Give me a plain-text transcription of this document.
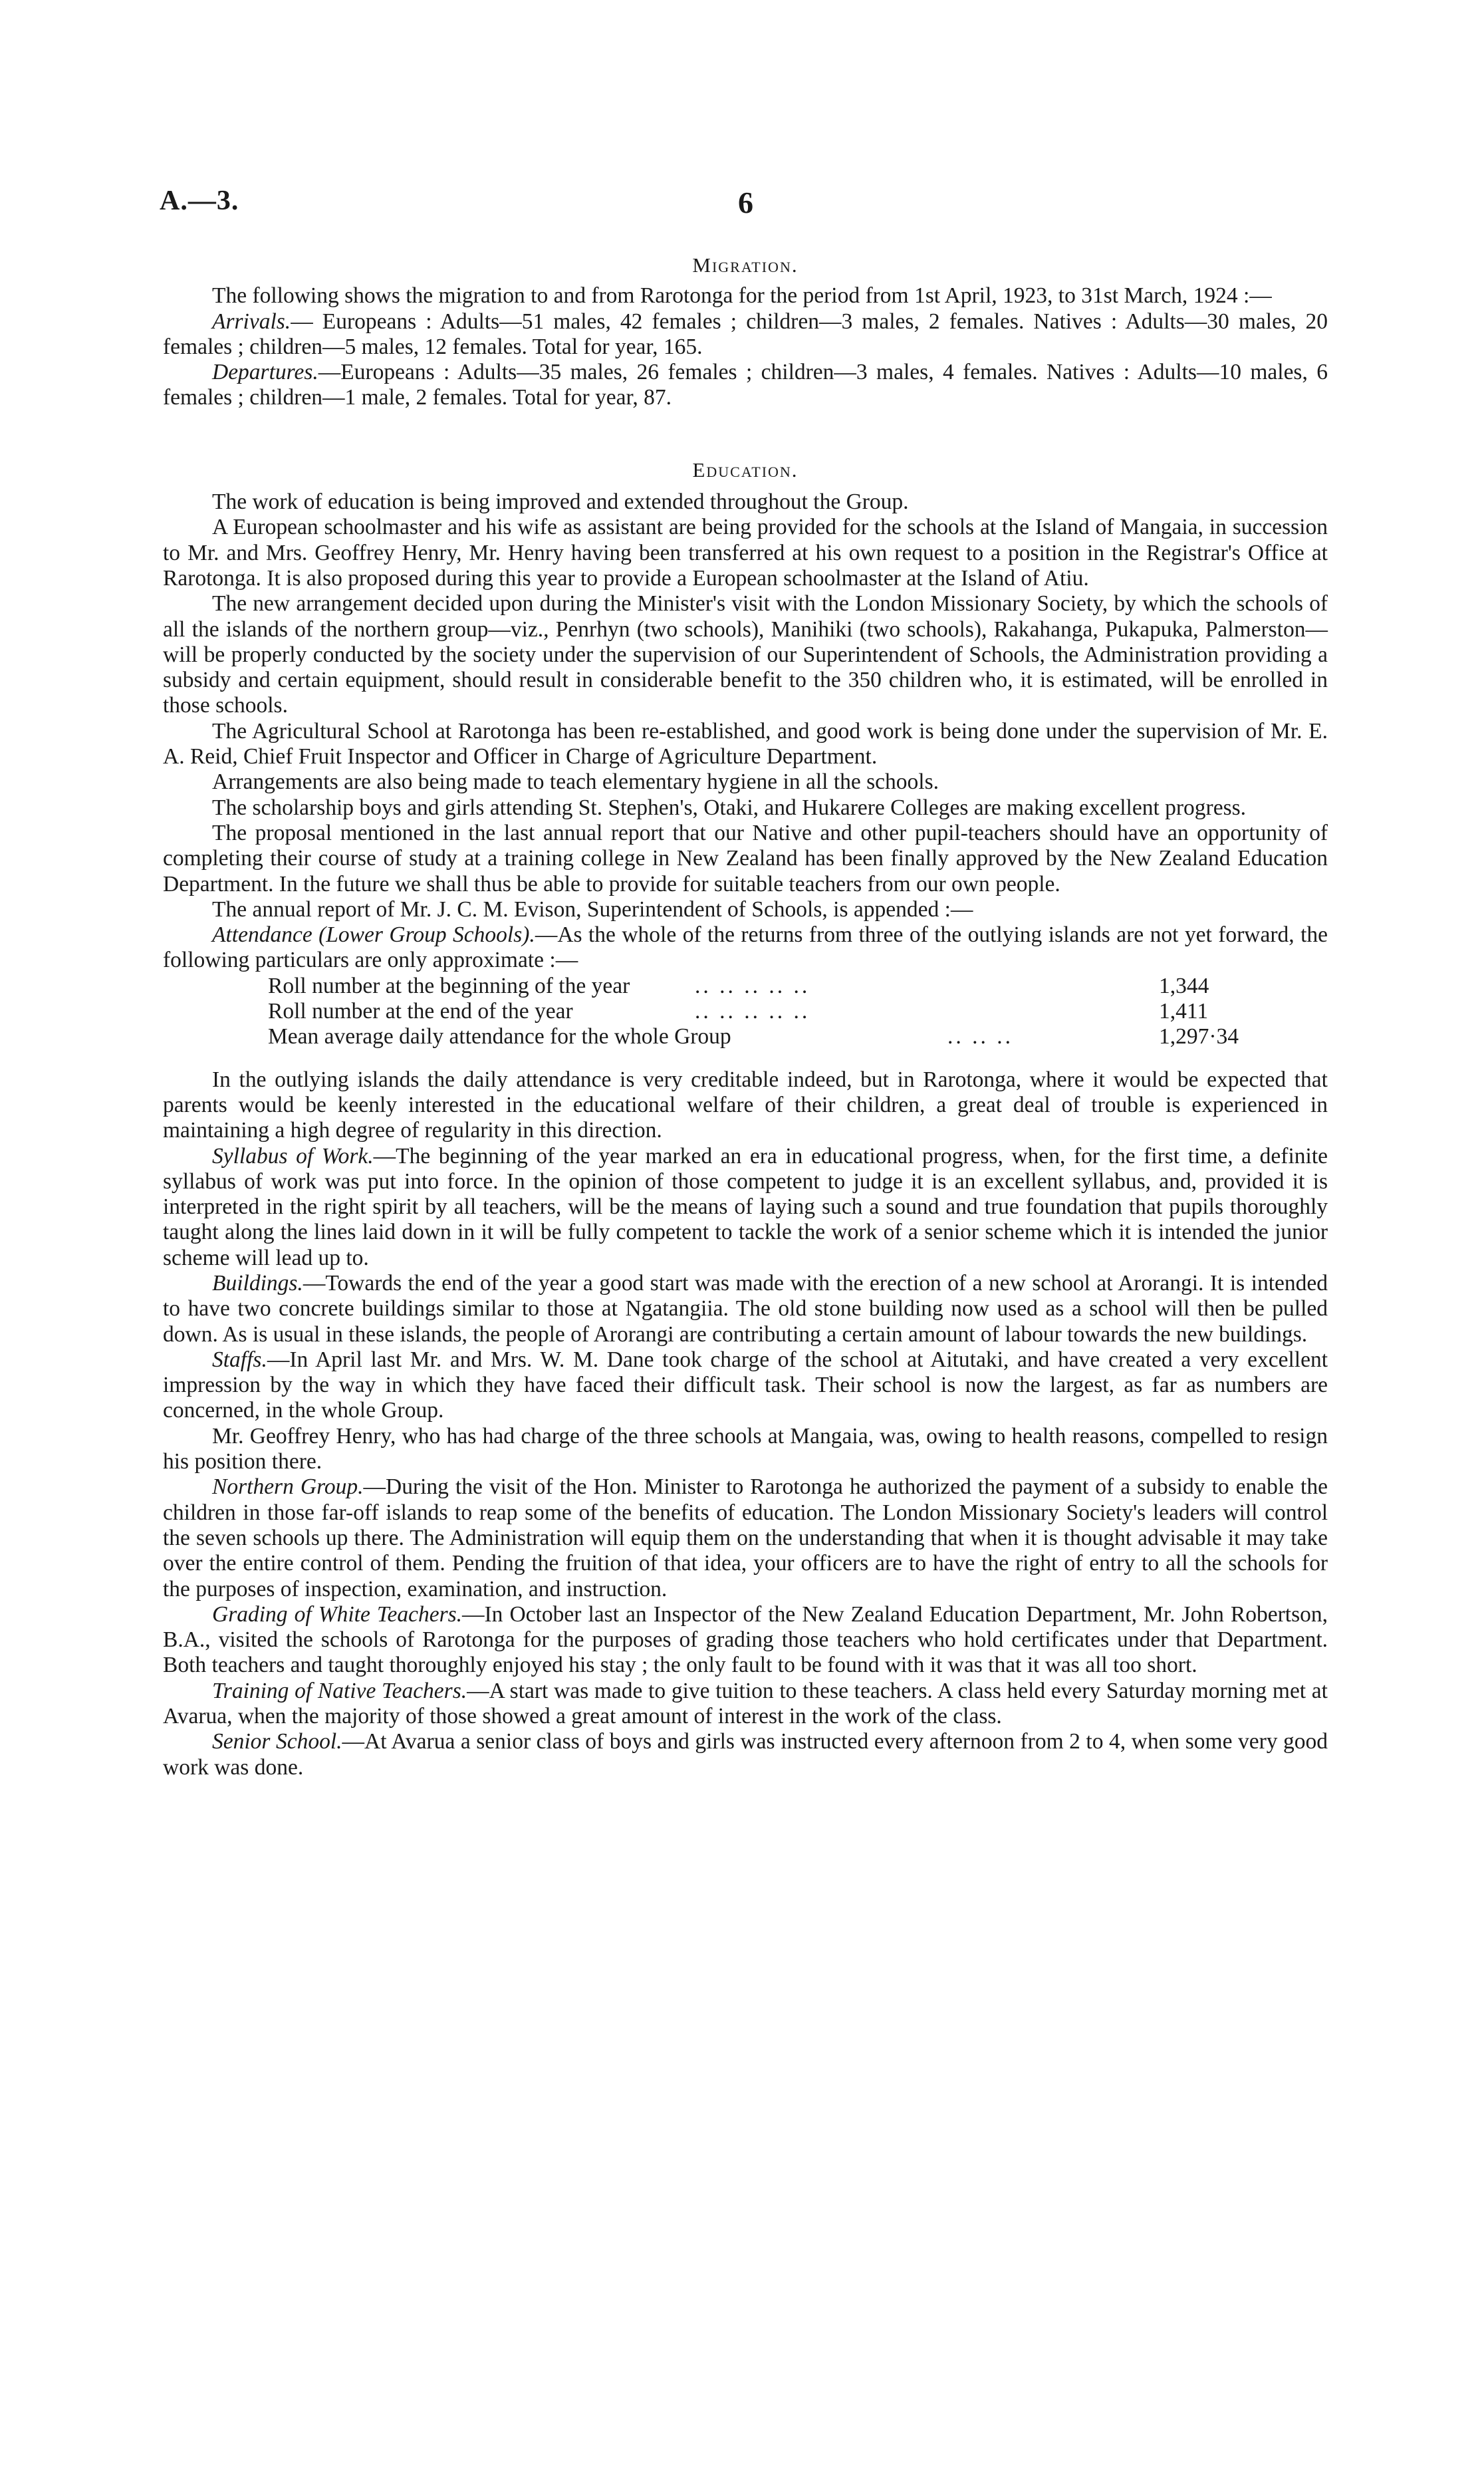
A.—3.	6
Migration.

The following shows the migration to and from Rarotonga for the period from 1st April, 1923, to 31st March, 1924 :—

Arrivals.— Europeans : Adults—51 males, 42 females ; children—3 males, 2 females. Natives : Adults—30 males, 20 females ; children—5 males, 12 females. Total for year, 165.

Departures.—Europeans : Adults—35 males, 26 females ; children—3 males, 4 females. Natives : Adults—10 males, 6 females ; children—1 male, 2 females. Total for year, 87.

Education.

The work of education is being improved and extended throughout the Group.

A European schoolmaster and his wife as assistant are being provided for the schools at the Island of Mangaia, in succession to Mr. and Mrs. Geoffrey Henry, Mr. Henry having been transferred at his own request to a position in the Registrar's Office at Rarotonga. It is also proposed during this year to provide a European schoolmaster at the Island of Atiu.

The new arrangement decided upon during the Minister's visit with the London Missionary Society, by which the schools of all the islands of the northern group—viz., Penrhyn (two schools), Manihiki (two schools), Rakahanga, Pukapuka, Palmerston—will be properly conducted by the society under the supervision of our Superintendent of Schools, the Administration providing a subsidy and certain equipment, should result in considerable benefit to the 350 children who, it is estimated, will be enrolled in those schools.

The Agricultural School at Rarotonga has been re-established, and good work is being done under the supervision of Mr. E. A. Reid, Chief Fruit Inspector and Officer in Charge of Agriculture Department.

Arrangements are also being made to teach elementary hygiene in all the schools.

The scholarship boys and girls attending St. Stephen's, Otaki, and Hukarere Colleges are making excellent progress.

The proposal mentioned in the last annual report that our Native and other pupil-teachers should have an opportunity of completing their course of study at a training college in New Zealand has been finally approved by the New Zealand Education Department. In the future we shall thus be able to provide for suitable teachers from our own people.

The annual report of Mr. J. C. M. Evison, Superintendent of Schools, is appended :—

Attendance (Lower Group Schools).—As the whole of the returns from three of the outlying islands are not yet forward, the following particulars are only approximate :—

Roll number at the beginning of the year	.. .. .. .. ..	1,344
Roll number at the end of the year	.. .. .. .. ..	1,411
Mean average daily attendance for the whole Group	.. .. ..	1,297·34

In the outlying islands the daily attendance is very creditable indeed, but in Rarotonga, where it would be expected that parents would be keenly interested in the educational welfare of their children, a great deal of trouble is experienced in maintaining a high degree of regularity in this direction.

Syllabus of Work.—The beginning of the year marked an era in educational progress, when, for the first time, a definite syllabus of work was put into force. In the opinion of those competent to judge it is an excellent syllabus, and, provided it is interpreted in the right spirit by all teachers, will be the means of laying such a sound and true foundation that pupils thoroughly taught along the lines laid down in it will be fully competent to tackle the work of a senior scheme which it is intended the junior scheme will lead up to.

Buildings.—Towards the end of the year a good start was made with the erection of a new school at Arorangi. It is intended to have two concrete buildings similar to those at Ngatangiia. The old stone building now used as a school will then be pulled down. As is usual in these islands, the people of Arorangi are contributing a certain amount of labour towards the new buildings.

Staffs.—In April last Mr. and Mrs. W. M. Dane took charge of the school at Aitutaki, and have created a very excellent impression by the way in which they have faced their difficult task. Their school is now the largest, as far as numbers are concerned, in the whole Group.

Mr. Geoffrey Henry, who has had charge of the three schools at Mangaia, was, owing to health reasons, compelled to resign his position there.

Northern Group.—During the visit of the Hon. Minister to Rarotonga he authorized the payment of a subsidy to enable the children in those far-off islands to reap some of the benefits of education. The London Missionary Society's leaders will control the seven schools up there. The Administration will equip them on the understanding that when it is thought advisable it may take over the entire control of them. Pending the fruition of that idea, your officers are to have the right of entry to all the schools for the purposes of inspection, examination, and instruction.

Grading of White Teachers.—In October last an Inspector of the New Zealand Education Department, Mr. John Robertson, B.A., visited the schools of Rarotonga for the purposes of grading those teachers who hold certificates under that Department. Both teachers and taught thoroughly enjoyed his stay ; the only fault to be found with it was that it was all too short.

Training of Native Teachers.—A start was made to give tuition to these teachers. A class held every Saturday morning met at Avarua, when the majority of those showed a great amount of interest in the work of the class.

Senior School.—At Avarua a senior class of boys and girls was instructed every afternoon from 2 to 4, when some very good work was done.
